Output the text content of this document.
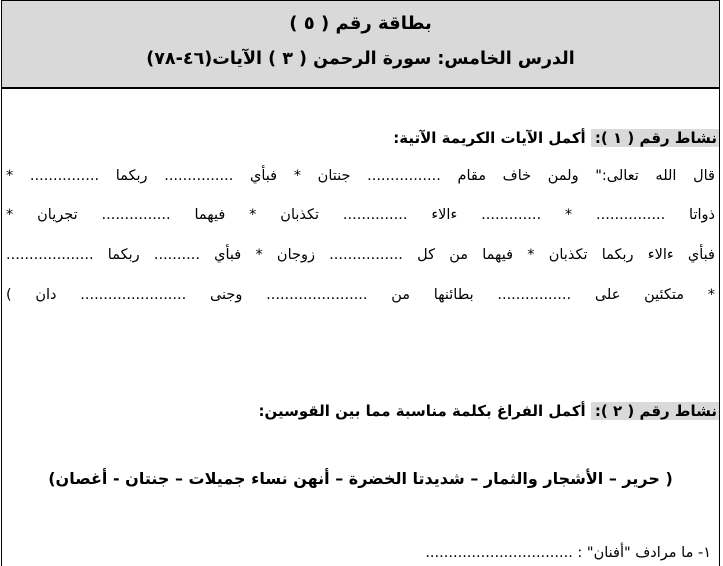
بطاقة رقم ( ٥ )
الدرس الخامس: سورة الرحمن ( ٣ ) الآيات(٤٦-٧٨)
نشاط رقم ( ١ ): أكمل الآيات الكريمة الآتية:
قال الله تعالى:" ولمن خاف مقام ................ جنتان * فبأي ............... ربكما ............... *
ذواتا ............... * ............. ءالاء .............. تكذبان * فيهما ............... تجريان *
فبأي ءالاء ربكما تكذبان * فيهما من كل ................ زوجان * فبأي .......... ربكما ...................
* متكئين على ................ بطائنها من ...................... وجنى ....................... دان )
نشاط رقم ( ٢ ): أكمل الفراغ بكلمة مناسبة مما بين القوسين:
( حرير – الأشجار والثمار – شديدتا الخضرة – أنهن نساء جميلات – جنتان - أغصان)
١- ما مرادف "أفنان" : ................................
